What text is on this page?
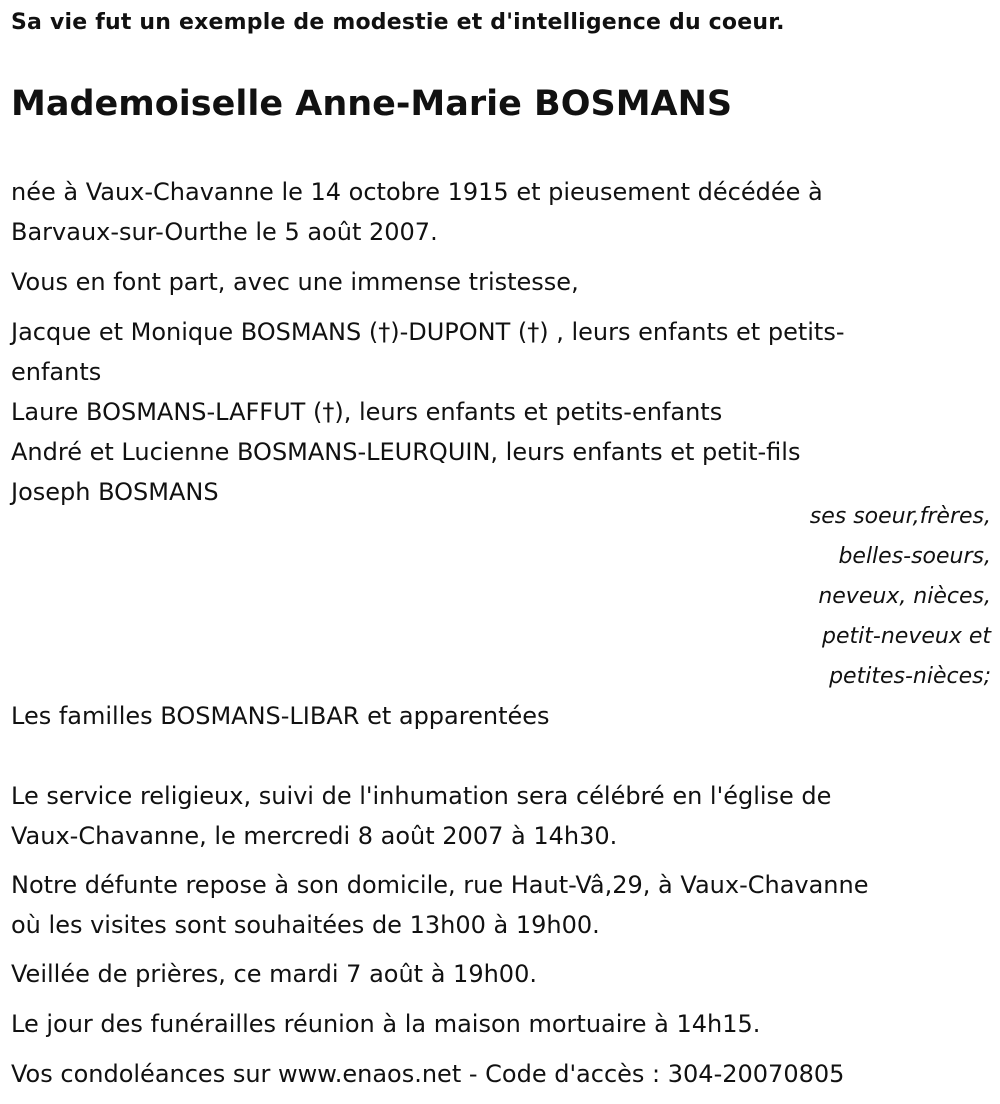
Sa vie fut un exemple de modestie et d'intelligence du coeur.
Mademoiselle Anne-Marie BOSMANS
née à Vaux-Chavanne le 14 octobre 1915 et pieusement décédée à
Barvaux-sur-Ourthe le 5 août 2007.
Vous en font part, avec une immense tristesse,
Jacque et Monique BOSMANS (†)-DUPONT (†) , leurs enfants et petits-
enfants
Laure BOSMANS-LAFFUT (†), leurs enfants et petits-enfants
André et Lucienne BOSMANS-LEURQUIN, leurs enfants et petit-fils
Joseph BOSMANS
ses soeur,frères,
belles-soeurs,
neveux, nièces,
petit-neveux et
petites-nièces;
Les familles BOSMANS-LIBAR et apparentées
Le service religieux, suivi de l'inhumation sera célébré en l'église de
Vaux-Chavanne, le mercredi 8 août 2007 à 14h30.
Notre défunte repose à son domicile, rue Haut-Vâ,29, à Vaux-Chavanne
où les visites sont souhaitées de 13h00 à 19h00.
Veillée de prières, ce mardi 7 août à 19h00.
Le jour des funérailles réunion à la maison mortuaire à 14h15.
Vos condoléances sur www.enaos.net - Code d'accès : 304-20070805
